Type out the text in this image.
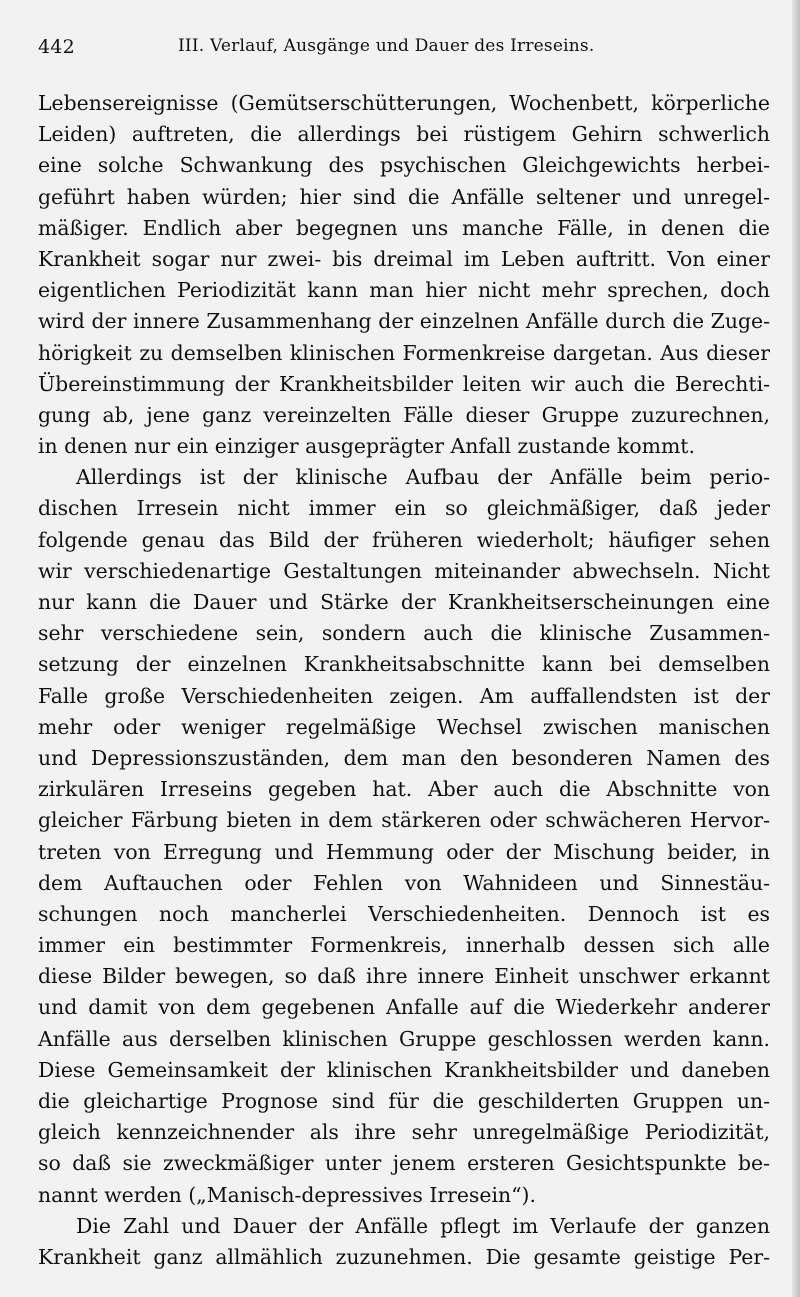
442	III. Verlauf, Ausgänge und Dauer des Irreseins.
Lebensereignisse (Gemütserschütterungen, Wochenbett, körperliche
Leiden) auftreten, die allerdings bei rüstigem Gehirn schwerlich
eine solche Schwankung des psychischen Gleichgewichts herbei-
geführt haben würden; hier sind die Anfälle seltener und unregel-
mäßiger. Endlich aber begegnen uns manche Fälle, in denen die
Krankheit sogar nur zwei- bis dreimal im Leben auftritt. Von einer
eigentlichen Periodizität kann man hier nicht mehr sprechen, doch
wird der innere Zusammenhang der einzelnen Anfälle durch die Zuge-
hörigkeit zu demselben klinischen Formenkreise dargetan. Aus dieser
Übereinstimmung der Krankheitsbilder leiten wir auch die Berechti-
gung ab, jene ganz vereinzelten Fälle dieser Gruppe zuzurechnen,
in denen nur ein einziger ausgeprägter Anfall zustande kommt.
Allerdings ist der klinische Aufbau der Anfälle beim perio-
dischen Irresein nicht immer ein so gleichmäßiger, daß jeder
folgende genau das Bild der früheren wiederholt; häufiger sehen
wir verschiedenartige Gestaltungen miteinander abwechseln. Nicht
nur kann die Dauer und Stärke der Krankheitserscheinungen eine
sehr verschiedene sein, sondern auch die klinische Zusammen-
setzung der einzelnen Krankheitsabschnitte kann bei demselben
Falle große Verschiedenheiten zeigen. Am auffallendsten ist der
mehr oder weniger regelmäßige Wechsel zwischen manischen
und Depressionszuständen, dem man den besonderen Namen des
zirkulären Irreseins gegeben hat. Aber auch die Abschnitte von
gleicher Färbung bieten in dem stärkeren oder schwächeren Hervor-
treten von Erregung und Hemmung oder der Mischung beider, in
dem Auftauchen oder Fehlen von Wahnideen und Sinnestäu-
schungen noch mancherlei Verschiedenheiten. Dennoch ist es
immer ein bestimmter Formenkreis, innerhalb dessen sich alle
diese Bilder bewegen, so daß ihre innere Einheit unschwer erkannt
und damit von dem gegebenen Anfalle auf die Wiederkehr anderer
Anfälle aus derselben klinischen Gruppe geschlossen werden kann.
Diese Gemeinsamkeit der klinischen Krankheitsbilder und daneben
die gleichartige Prognose sind für die geschilderten Gruppen un-
gleich kennzeichnender als ihre sehr unregelmäßige Periodizität,
so daß sie zweckmäßiger unter jenem ersteren Gesichtspunkte be-
nannt werden („Manisch-depressives Irresein“).
Die Zahl und Dauer der Anfälle pflegt im Verlaufe der ganzen
Krankheit ganz allmählich zuzunehmen. Die gesamte geistige Per-
